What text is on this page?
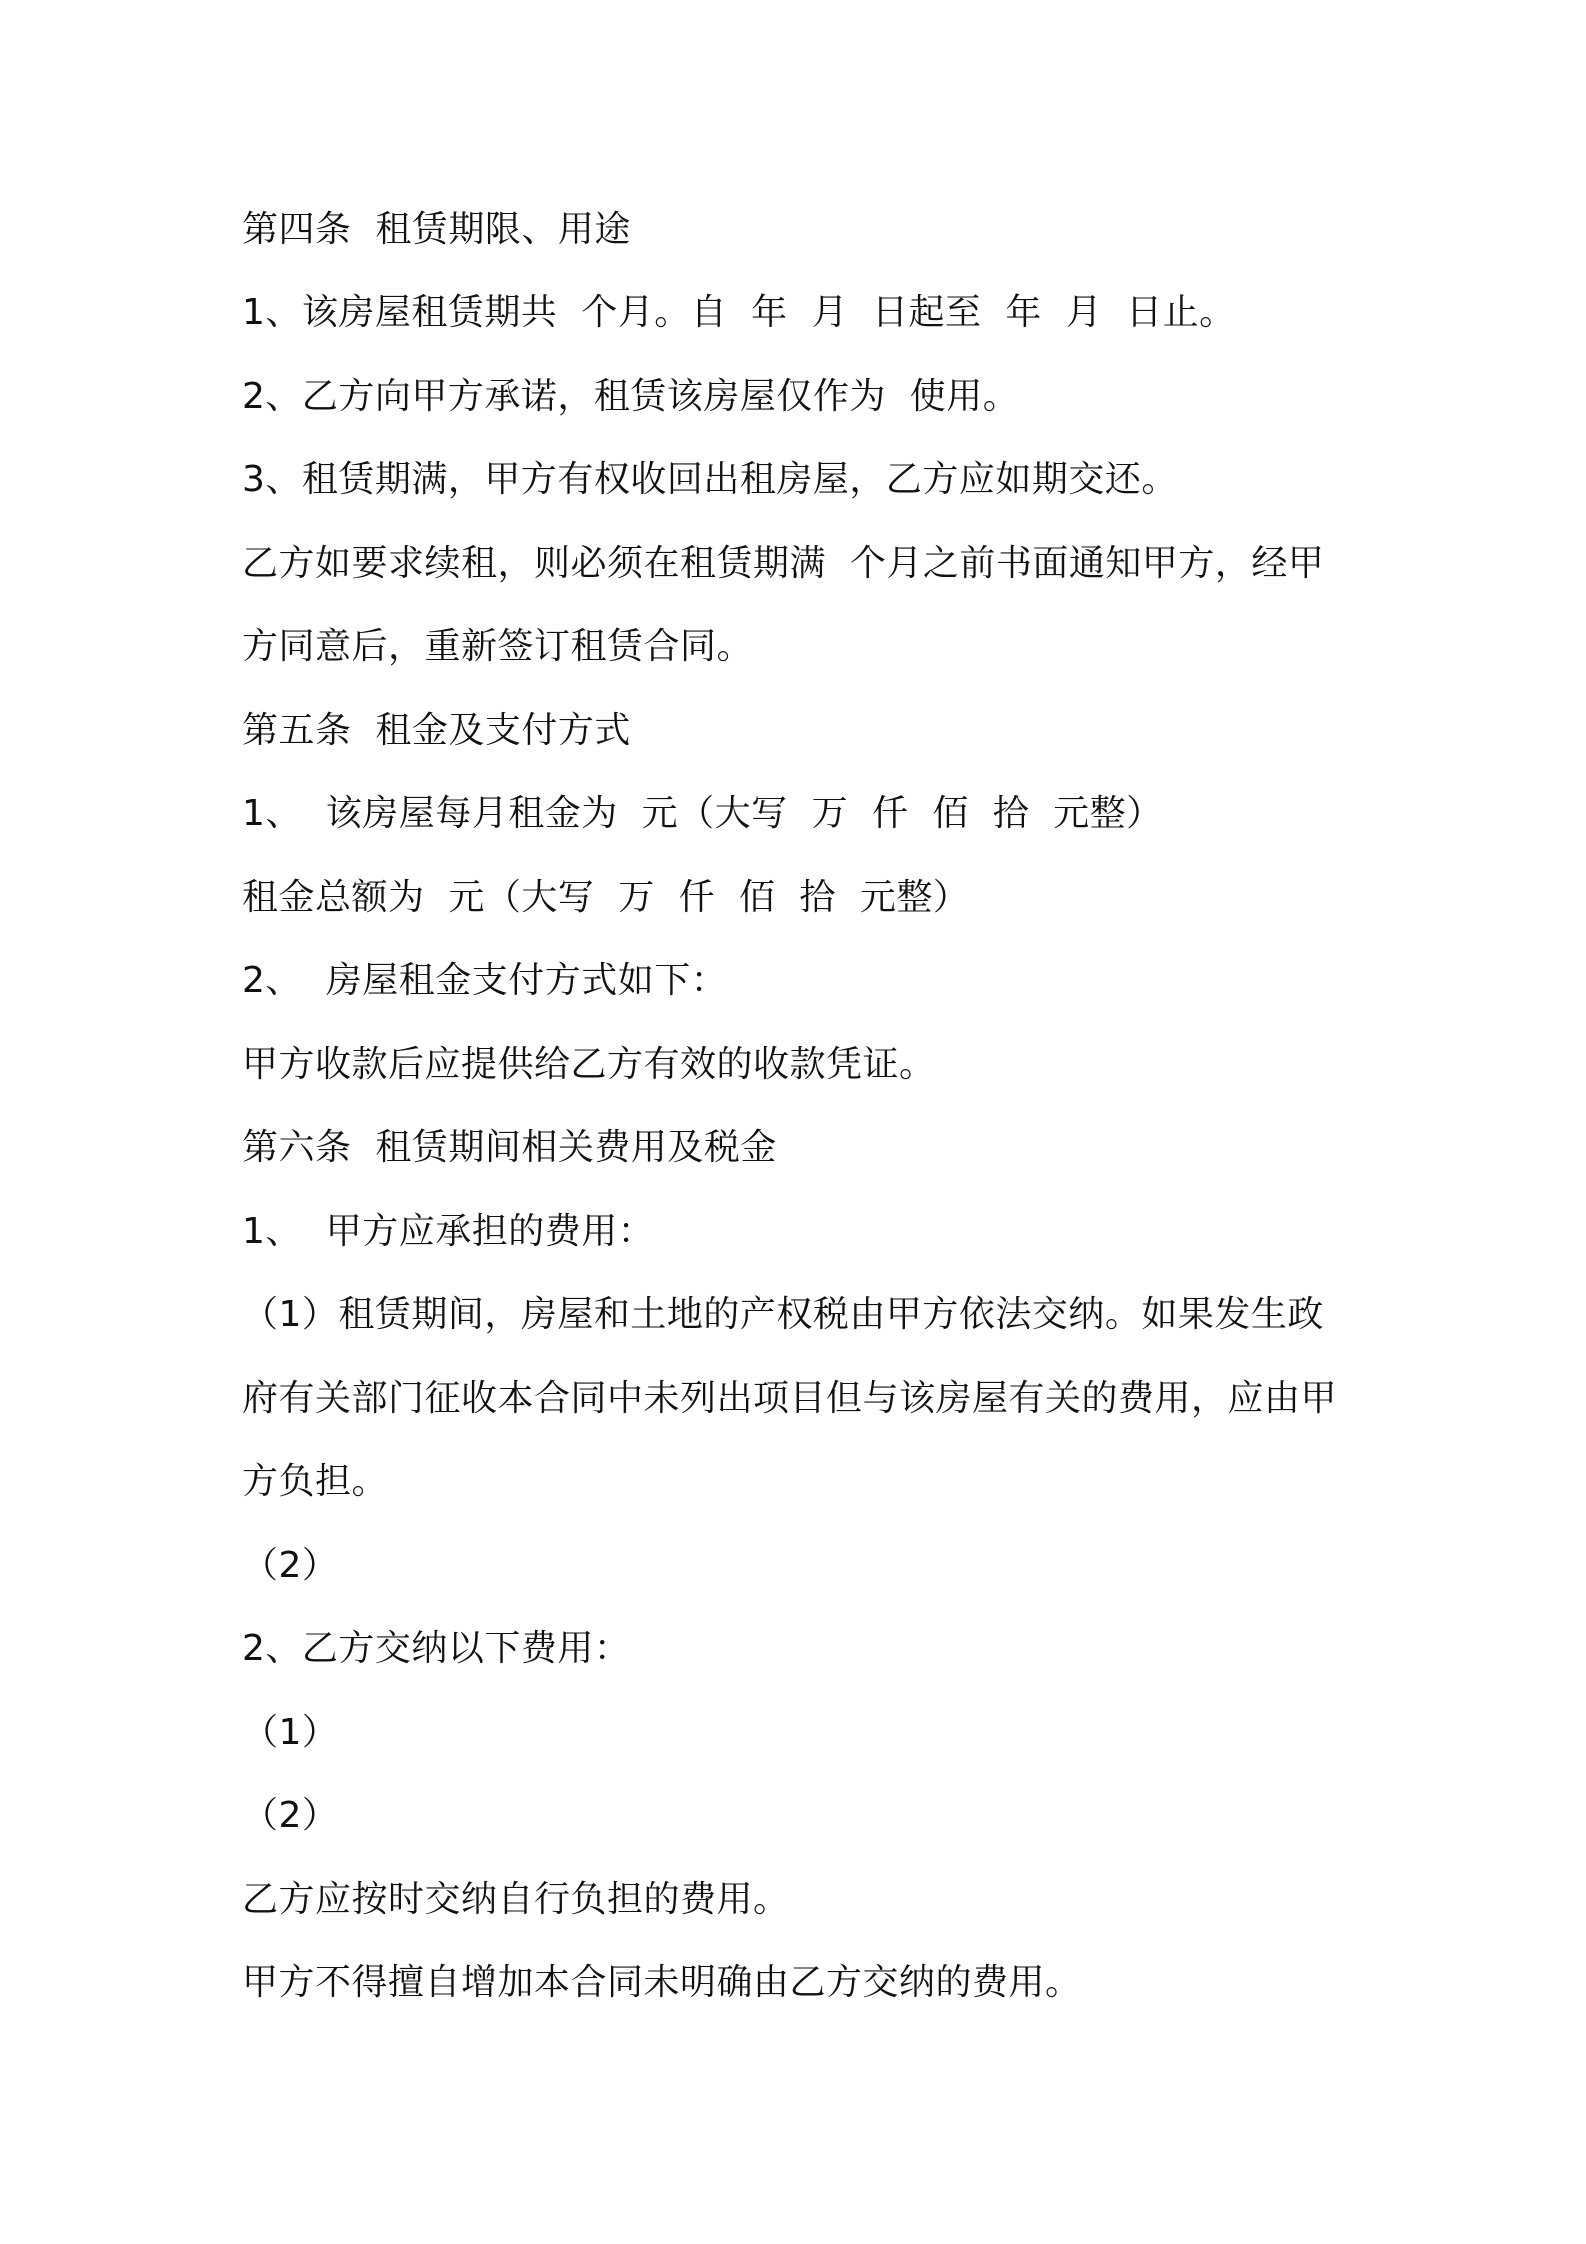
第四条  租赁期限、用途
1、该房屋租赁期共  个月。自  年  月  日起至  年  月  日止。
2、乙方向甲方承诺，租赁该房屋仅作为  使用。
3、租赁期满，甲方有权收回出租房屋，乙方应如期交还。
乙方如要求续租，则必须在租赁期满  个月之前书面通知甲方，经甲
方同意后，重新签订租赁合同。
第五条  租金及支付方式
1、  该房屋每月租金为  元（大写  万  仟  佰  拾  元整）
租金总额为  元（大写  万  仟  佰  拾  元整）
2、  房屋租金支付方式如下：
甲方收款后应提供给乙方有效的收款凭证。
第六条  租赁期间相关费用及税金
1、  甲方应承担的费用：
（1）租赁期间，房屋和土地的产权税由甲方依法交纳。如果发生政
府有关部门征收本合同中未列出项目但与该房屋有关的费用，应由甲
方负担。
（2）
2、乙方交纳以下费用：
（1）
（2）
乙方应按时交纳自行负担的费用。
甲方不得擅自增加本合同未明确由乙方交纳的费用。
